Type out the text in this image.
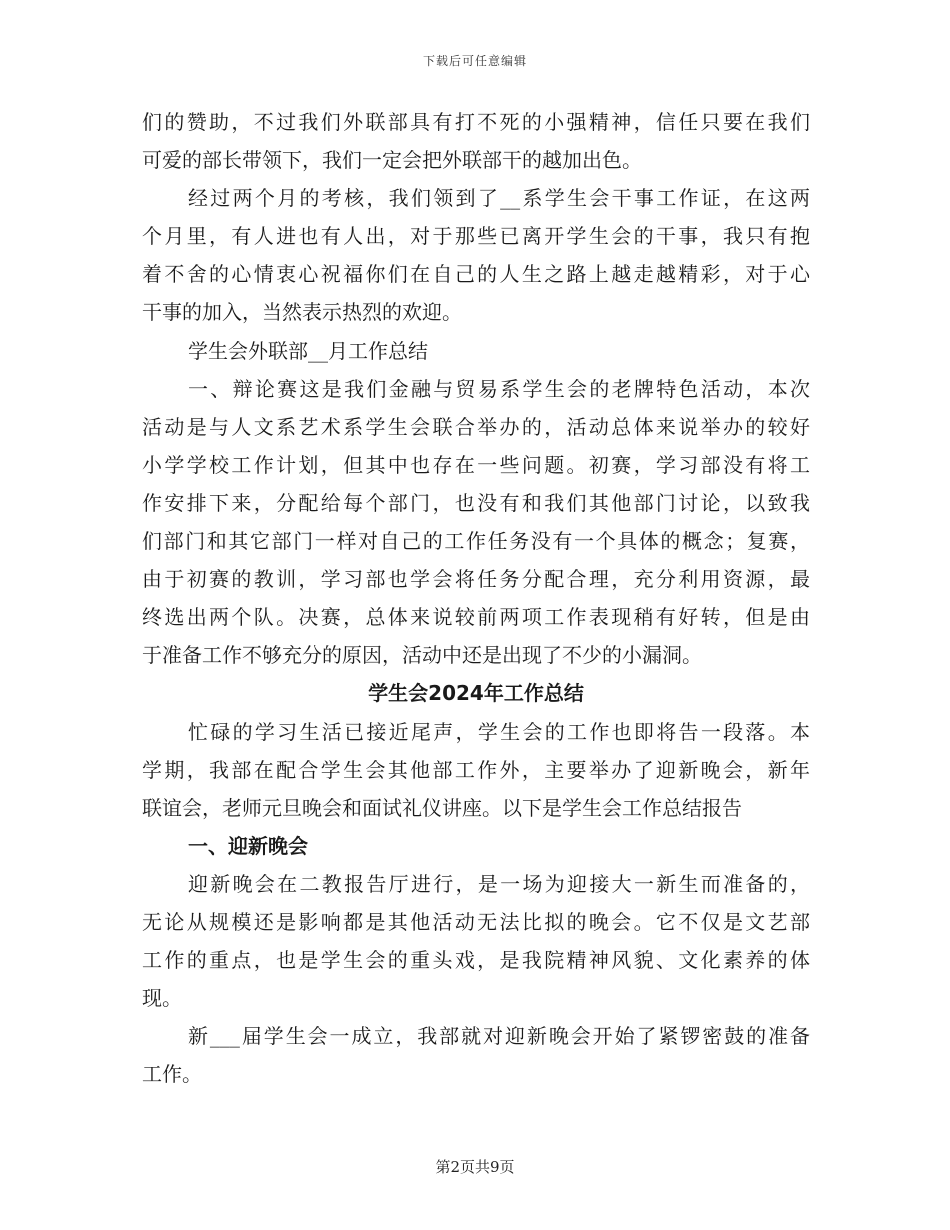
下载后可任意编辑
们的赞助，不过我们外联部具有打不死的小强精神，信任只要在我们
可爱的部长带领下，我们一定会把外联部干的越加出色。
经过两个月的考核，我们领到了__系学生会干事工作证，在这两
个月里，有人进也有人出，对于那些已离开学生会的干事，我只有抱
着不舍的心情衷心祝福你们在自己的人生之路上越走越精彩，对于心
干事的加入，当然表示热烈的欢迎。
学生会外联部__月工作总结
一、辩论赛这是我们金融与贸易系学生会的老牌特色活动，本次
活动是与人文系艺术系学生会联合举办的，活动总体来说举办的较好
小学学校工作计划，但其中也存在一些问题。初赛，学习部没有将工
作安排下来，分配给每个部门，也没有和我们其他部门讨论，以致我
们部门和其它部门一样对自己的工作任务没有一个具体的概念；复赛，
由于初赛的教训，学习部也学会将任务分配合理，充分利用资源，最
终选出两个队。决赛，总体来说较前两项工作表现稍有好转，但是由
于准备工作不够充分的原因，活动中还是出现了不少的小漏洞。
学生会2024年工作总结
忙碌的学习生活已接近尾声，学生会的工作也即将告一段落。本
学期，我部在配合学生会其他部工作外，主要举办了迎新晚会，新年
联谊会，老师元旦晚会和面试礼仪讲座。以下是学生会工作总结报告
一、迎新晚会
迎新晚会在二教报告厅进行，是一场为迎接大一新生而准备的，
无论从规模还是影响都是其他活动无法比拟的晚会。它不仅是文艺部
工作的重点，也是学生会的重头戏，是我院精神风貌、文化素养的体
现。
新___届学生会一成立，我部就对迎新晚会开始了紧锣密鼓的准备
工作。
第2页共9页
